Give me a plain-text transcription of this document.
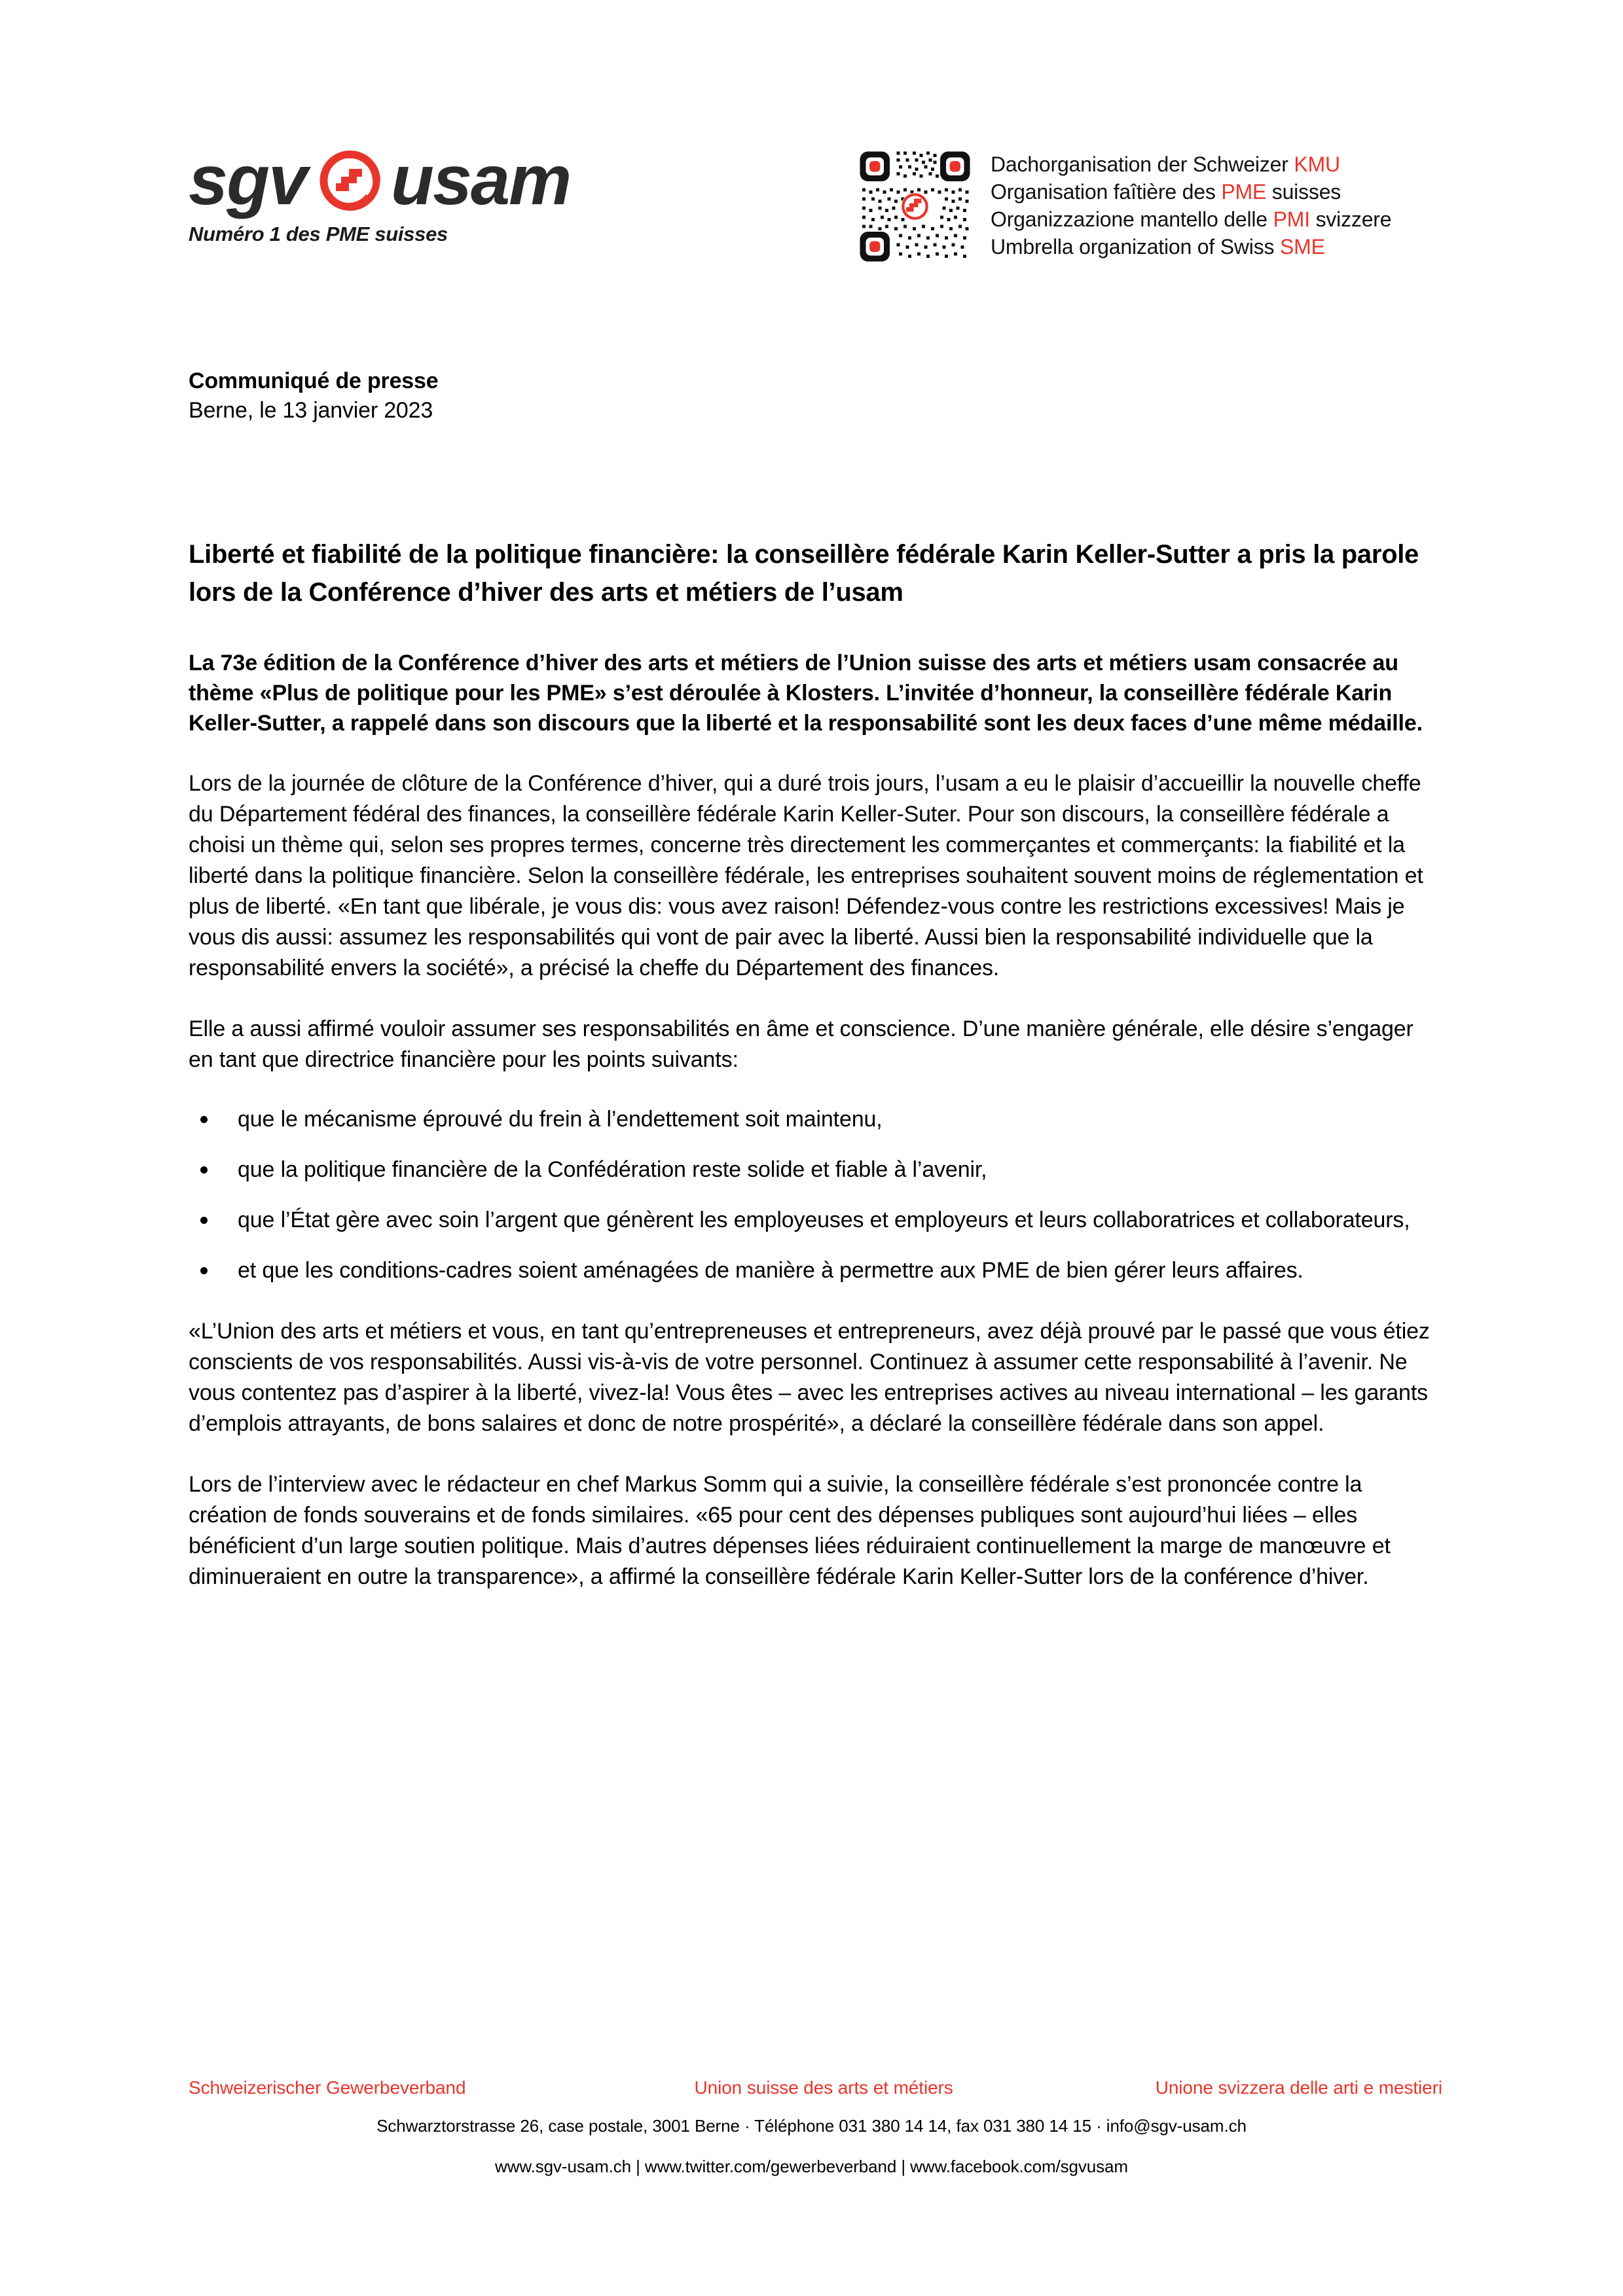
sgv usam
Numéro 1 des PME suisses
Dachorganisation der Schweizer KMU
Organisation faîtière des PME suisses
Organizzazione mantello delle PMI svizzere
Umbrella organization of Swiss SME
Communiqué de presse
Berne, le 13 janvier 2023
Liberté et fiabilité de la politique financière: la conseillère fédérale Karin Keller-Sutter a pris la parole lors de la Conférence d’hiver des arts et métiers de l’usam

La 73e édition de la Conférence d’hiver des arts et métiers de l’Union suisse des arts et métiers usam consacrée au thème «Plus de politique pour les PME» s’est déroulée à Klosters. L’invitée d’honneur, la conseillère fédérale Karin Keller-Sutter, a rappelé dans son discours que la liberté et la responsabilité sont les deux faces d’une même médaille.

Lors de la journée de clôture de la Conférence d’hiver, qui a duré trois jours, l’usam a eu le plaisir d’accueillir la nouvelle cheffe du Département fédéral des finances, la conseillère fédérale Karin Keller-Suter. Pour son discours, la conseillère fédérale a choisi un thème qui, selon ses propres termes, concerne très directement les commerçantes et commerçants: la fiabilité et la liberté dans la politique financière. Selon la conseillère fédérale, les entreprises souhaitent souvent moins de réglementation et plus de liberté. «En tant que libérale, je vous dis: vous avez raison! Défendez-vous contre les restrictions excessives! Mais je vous dis aussi: assumez les responsabilités qui vont de pair avec la liberté. Aussi bien la responsabilité individuelle que la responsabilité envers la société», a précisé la cheffe du Département des finances.

Elle a aussi affirmé vouloir assumer ses responsabilités en âme et conscience. D’une manière générale, elle désire s’engager en tant que directrice financière pour les points suivants:

que le mécanisme éprouvé du frein à l’endettement soit maintenu,
que la politique financière de la Confédération reste solide et fiable à l’avenir,
que l’État gère avec soin l’argent que génèrent les employeuses et employeurs et leurs collaboratrices et collaborateurs,
et que les conditions-cadres soient aménagées de manière à permettre aux PME de bien gérer leurs affaires.

«L’Union des arts et métiers et vous, en tant qu’entrepreneuses et entrepreneurs, avez déjà prouvé par le passé que vous étiez conscients de vos responsabilités. Aussi vis-à-vis de votre personnel. Continuez à assumer cette responsabilité à l’avenir. Ne vous contentez pas d’aspirer à la liberté, vivez-la! Vous êtes – avec les entreprises actives au niveau international – les garants d’emplois attrayants, de bons salaires et donc de notre prospérité», a déclaré la conseillère fédérale dans son appel.

Lors de l’interview avec le rédacteur en chef Markus Somm qui a suivie, la conseillère fédérale s’est prononcée contre la création de fonds souverains et de fonds similaires. «65 pour cent des dépenses publiques sont aujourd’hui liées – elles bénéficient d’un large soutien politique. Mais d’autres dépenses liées réduiraient continuellement la marge de manœuvre et diminueraient en outre la transparence», a affirmé la conseillère fédérale Karin Keller-Sutter lors de la conférence d’hiver.

Schweizerischer Gewerbeverband	Union suisse des arts et métiers	Unione svizzera delle arti e mestieri
Schwarztorstrasse 26, case postale, 3001 Berne · Téléphone 031 380 14 14, fax 031 380 14 15 · info@sgv-usam.ch
www.sgv-usam.ch | www.twitter.com/gewerbeverband | www.facebook.com/sgvusam
